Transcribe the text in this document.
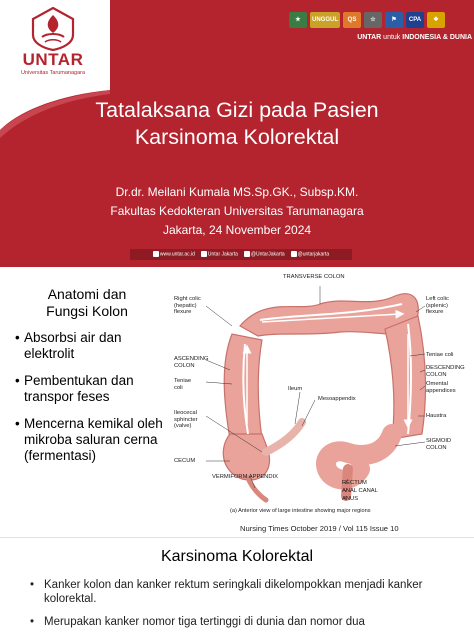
UNTAR
Universitas Tarumanagara
★	UNGGUL	QS	☆	⚑	CPA	❖
UNTAR untuk INDONESIA & DUNIA
Tatalaksana Gizi pada Pasien
Karsinoma Kolorektal
Dr.dr. Meilani Kumala MS.Sp.GK., Subsp.KM.
Fakultas Kedokteran Universitas Tarumanagara
Jakarta, 24 November 2024
www.untar.ac.id	Untar Jakarta	@UntarJakarta	@untarjakarta
Anatomi dan
Fungsi Kolon
• Absorbsi air dan elektrolit
• Pembentukan dan transpor feses
• Mencerna kemikal oleh mikroba saluran cerna (fermentasi)
TRANSVERSE COLON
Right colic
(hepatic)
flexure
Left colic
(splenic)
flexure
ASCENDING
COLON
Teniae
coli
Teniae coli
DESCENDING
COLON
Omental
appendices
Ileum
Mesoappendix
Haustra
Ileocecal
sphincter
(valve)
CECUM
SIGMOID
COLON
RECTUM
ANAL CANAL
ANUS
VERMIFORM APPENDIX
(a) Anterior view of large intestine showing major regions
Nursing Times October 2019 / Vol 115 Issue 10
Karsinoma Kolorektal
• Kanker kolon dan kanker rektum seringkali dikelompokkan menjadi kanker kolorektal.
• Merupakan kanker nomor tiga tertinggi di dunia dan nomor dua
